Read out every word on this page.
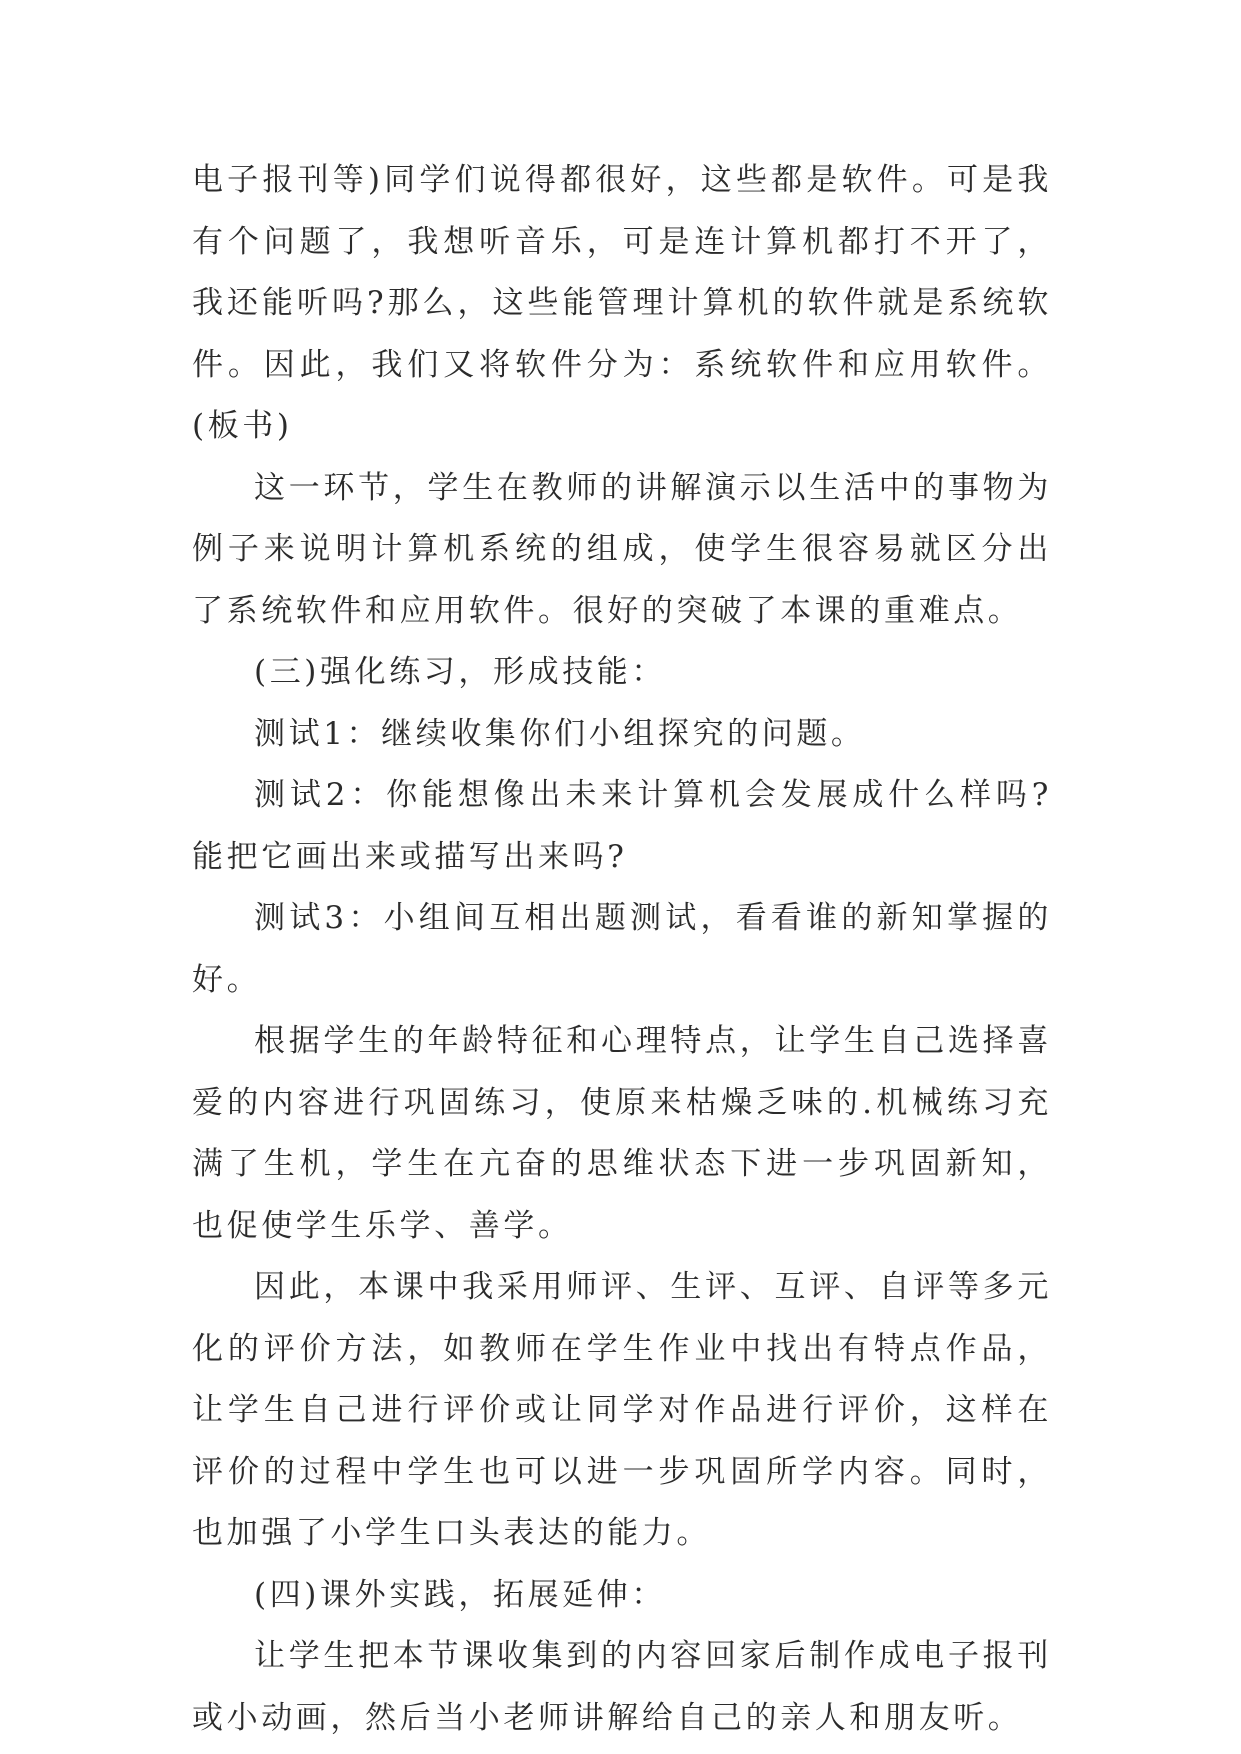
电子报刊等)同学们说得都很好，这些都是软件。可是我有个问题了，我想听音乐，可是连计算机都打不开了，我还能听吗?那么，这些能管理计算机的软件就是系统软件。因此，我们又将软件分为：系统软件和应用软件。(板书)

这一环节，学生在教师的讲解演示以生活中的事物为例子来说明计算机系统的组成，使学生很容易就区分出了系统软件和应用软件。很好的突破了本课的重难点。

(三)强化练习，形成技能：

测试1：继续收集你们小组探究的问题。

测试2：你能想像出未来计算机会发展成什么样吗?能把它画出来或描写出来吗?

测试3：小组间互相出题测试，看看谁的新知掌握的好。

根据学生的年龄特征和心理特点，让学生自己选择喜爱的内容进行巩固练习，使原来枯燥乏味的.机械练习充满了生机，学生在亢奋的思维状态下进一步巩固新知，也促使学生乐学、善学。

因此，本课中我采用师评、生评、互评、自评等多元化的评价方法，如教师在学生作业中找出有特点作品，让学生自己进行评价或让同学对作品进行评价，这样在评价的过程中学生也可以进一步巩固所学内容。同时，也加强了小学生口头表达的能力。

(四)课外实践，拓展延伸：

让学生把本节课收集到的内容回家后制作成电子报刊或小动画，然后当小老师讲解给自己的亲人和朋友听。
